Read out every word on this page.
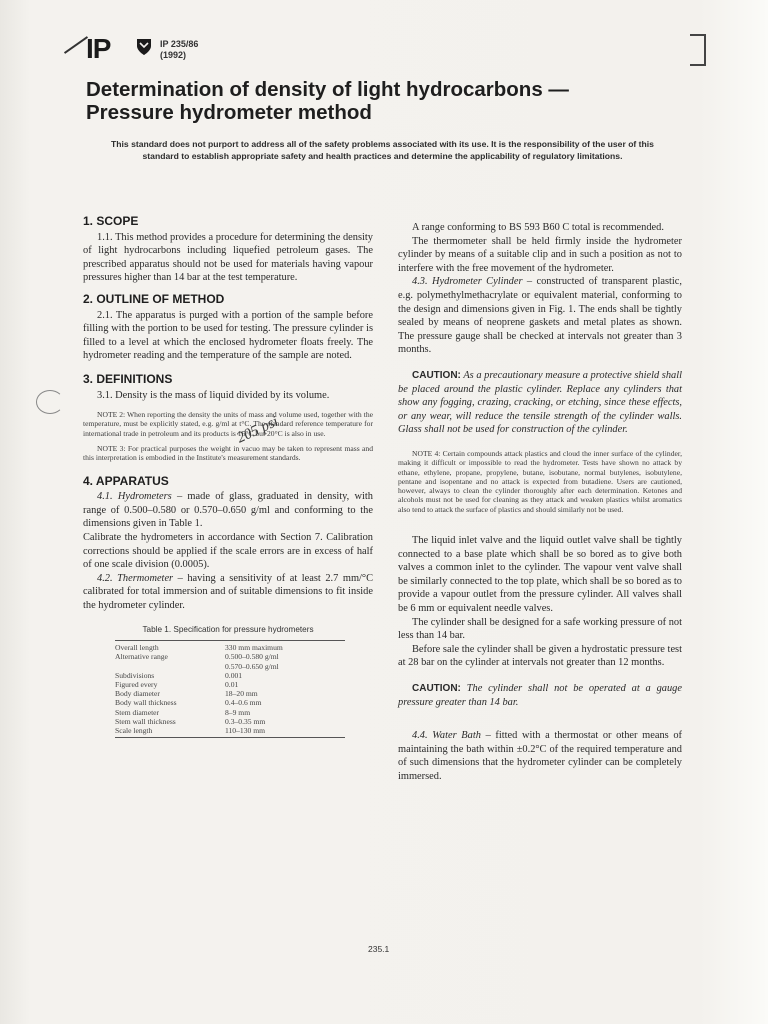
IP	IP 235/86
(1992)
Determination of density of light hydrocarbons —
Pressure hydrometer method
This standard does not purport to address all of the safety problems associated with its use. It is the responsibility of the user of this standard to establish appropriate safety and health practices and determine the applicability of regulatory limitations.
205 psi
1. SCOPE

1.1. This method provides a procedure for determining the density of light hydrocarbons including liquefied petroleum gases. The prescribed apparatus should not be used for materials having vapour pressures higher than 14 bar at the test temperature.

2. OUTLINE OF METHOD

2.1. The apparatus is purged with a portion of the sample before filling with the portion to be used for testing. The pressure cylinder is filled to a level at which the enclosed hydrometer floats freely. The hydrometer reading and the temperature of the sample are noted.

3. DEFINITIONS

3.1. Density is the mass of liquid divided by its volume.

NOTE 2: When reporting the density the units of mass and volume used, together with the temperature, must be explicitly stated, e.g. g/ml at t°C. The standard reference temperature for international trade in petroleum and its products is 15°C but 20°C is also in use.

NOTE 3: For practical purposes the weight in vacuo may be taken to represent mass and this interpretation is embodied in the Institute's measurement standards.

4. APPARATUS

4.1. Hydrometers – made of glass, graduated in density, with range of 0.500–0.580 or 0.570–0.650 g/ml and conforming to the dimensions given in Table 1.

Calibrate the hydrometers in accordance with Section 7. Calibration corrections should be applied if the scale errors are in excess of half of one scale division (0.0005).

4.2. Thermometer – having a sensitivity of at least 2.7 mm/°C calibrated for total immersion and of suitable dimensions to fit inside the hydrometer cylinder.

Table 1. Specification for pressure hydrometers
Overall length	330 mm maximum
Alternative range	0.500–0.580 g/ml
0.570–0.650 g/ml
Subdivisions	0.001
Figured every	0.01
Body diameter	18–20 mm
Body wall thickness	0.4–0.6 mm
Stem diameter	8–9 mm
Stem wall thickness	0.3–0.35 mm
Scale length	110–130 mm

A range conforming to BS 593 B60 C total is recommended.

The thermometer shall be held firmly inside the hydrometer cylinder by means of a suitable clip and in such a position as not to interfere with the free movement of the hydrometer.

4.3. Hydrometer Cylinder – constructed of transparent plastic, e.g. polymethylmethacrylate or equivalent material, conforming to the design and dimensions given in Fig. 1. The ends shall be tightly sealed by means of neoprene gaskets and metal plates as shown. The pressure gauge shall be checked at intervals not greater than 3 months.

CAUTION: As a precautionary measure a protective shield shall be placed around the plastic cylinder. Replace any cylinders that show any fogging, crazing, cracking, or etching, since these effects, or any wear, will reduce the tensile strength of the cylinder walls. Glass shall not be used for construction of the cylinder.

NOTE 4: Certain compounds attack plastics and cloud the inner surface of the cylinder, making it difficult or impossible to read the hydrometer. Tests have shown no attack by ethane, ethylene, propane, propylene, butane, isobutane, normal butylenes, isobutylene, pentane and isopentane and no attack is expected from butadiene. Users are cautioned, however, always to clean the cylinder thoroughly after each determination. Ketones and alcohols must not be used for cleaning as they attack and weaken plastics whilst aromatics also tend to attack the surface of plastics and should similarly not be used.

The liquid inlet valve and the liquid outlet valve shall be tightly connected to a base plate which shall be so bored as to give both valves a common inlet to the cylinder. The vapour vent valve shall be similarly connected to the top plate, which shall be so bored as to provide a vapour outlet from the pressure cylinder. All valves shall be 6 mm or equivalent needle valves.

The cylinder shall be designed for a safe working pressure of not less than 14 bar.

Before sale the cylinder shall be given a hydrostatic pressure test at 28 bar on the cylinder at intervals not greater than 12 months.

CAUTION: The cylinder shall not be operated at a gauge pressure greater than 14 bar.

4.4. Water Bath – fitted with a thermostat or other means of maintaining the bath within ±0.2°C of the required temperature and of such dimensions that the hydrometer cylinder can be completely immersed.

235.1
